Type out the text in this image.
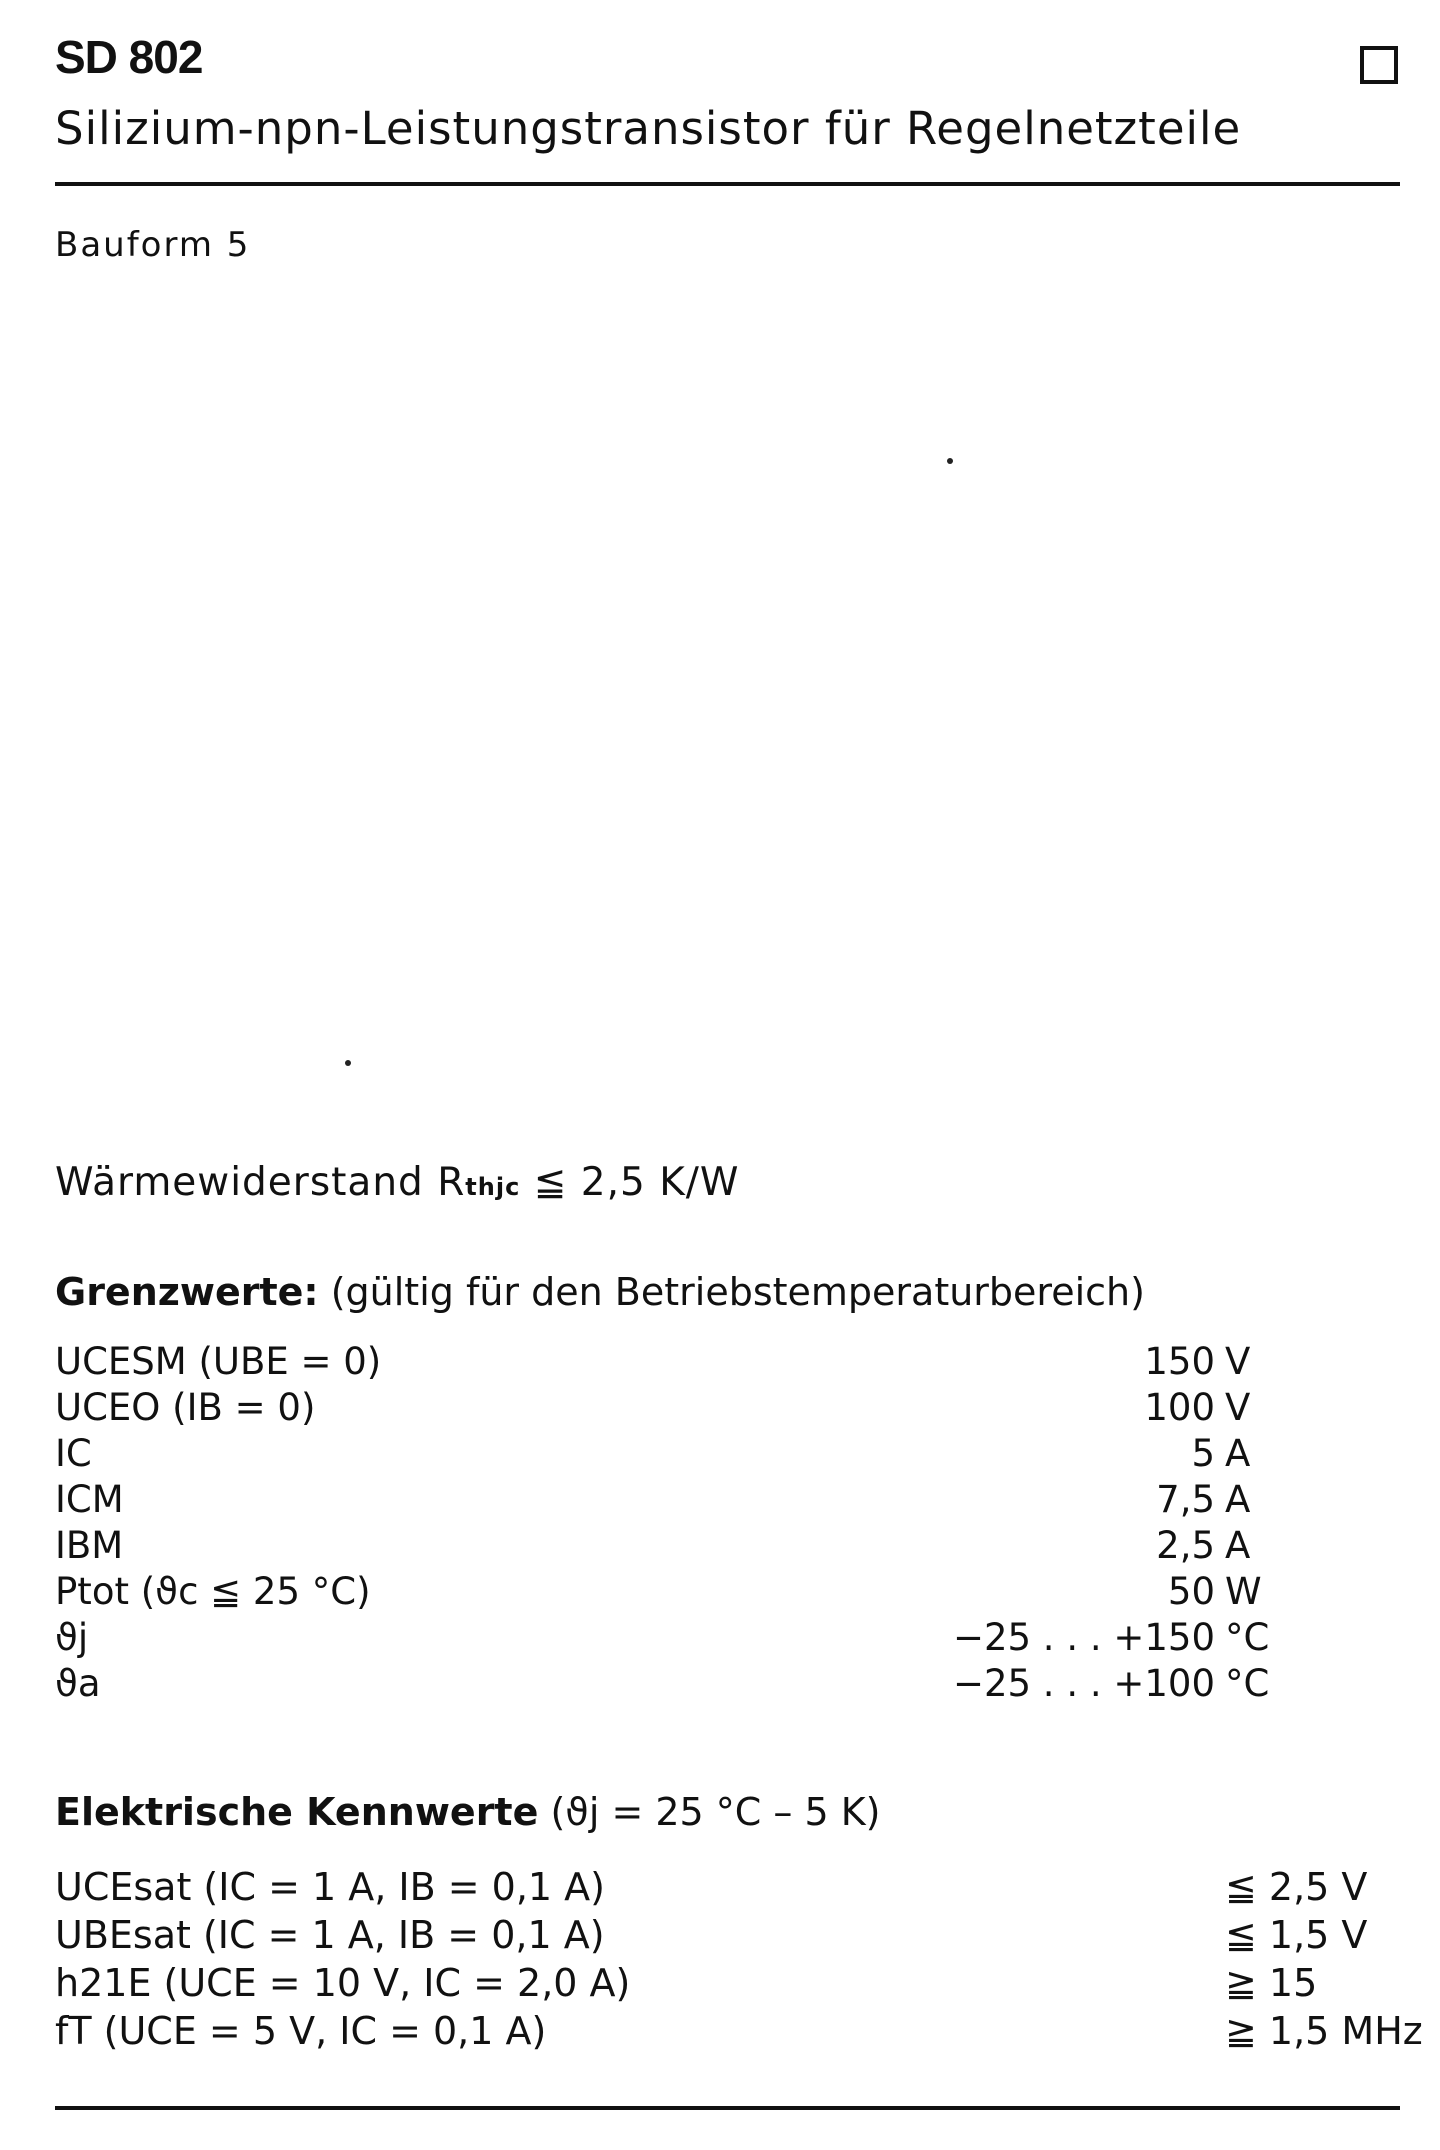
SD 802
Silizium-npn-Leistungstransistor für Regelnetzteile
Bauform 5
Wärmewiderstand Rthjc ≦ 2,5 K/W
Grenzwerte: (gültig für den Betriebstemperaturbereich)
UCESM (UBE = 0)	150 V
UCEO (IB = 0)	100 V
IC	5 A
ICM	7,5 A
IBM	2,5 A
Ptot (ϑc ≦ 25 °C)	50 W
ϑj	−25 . . . +150 °C
ϑa	−25 . . . +100 °C
Elektrische Kennwerte (ϑj = 25 °C – 5 K)
UCEsat (IC = 1 A, IB = 0,1 A)	≦ 2,5 V
UBEsat (IC = 1 A, IB = 0,1 A)	≦ 1,5 V
h21E (UCE = 10 V, IC = 2,0 A)	≧ 15
fT (UCE = 5 V, IC = 0,1 A)	≧ 1,5 MHz
